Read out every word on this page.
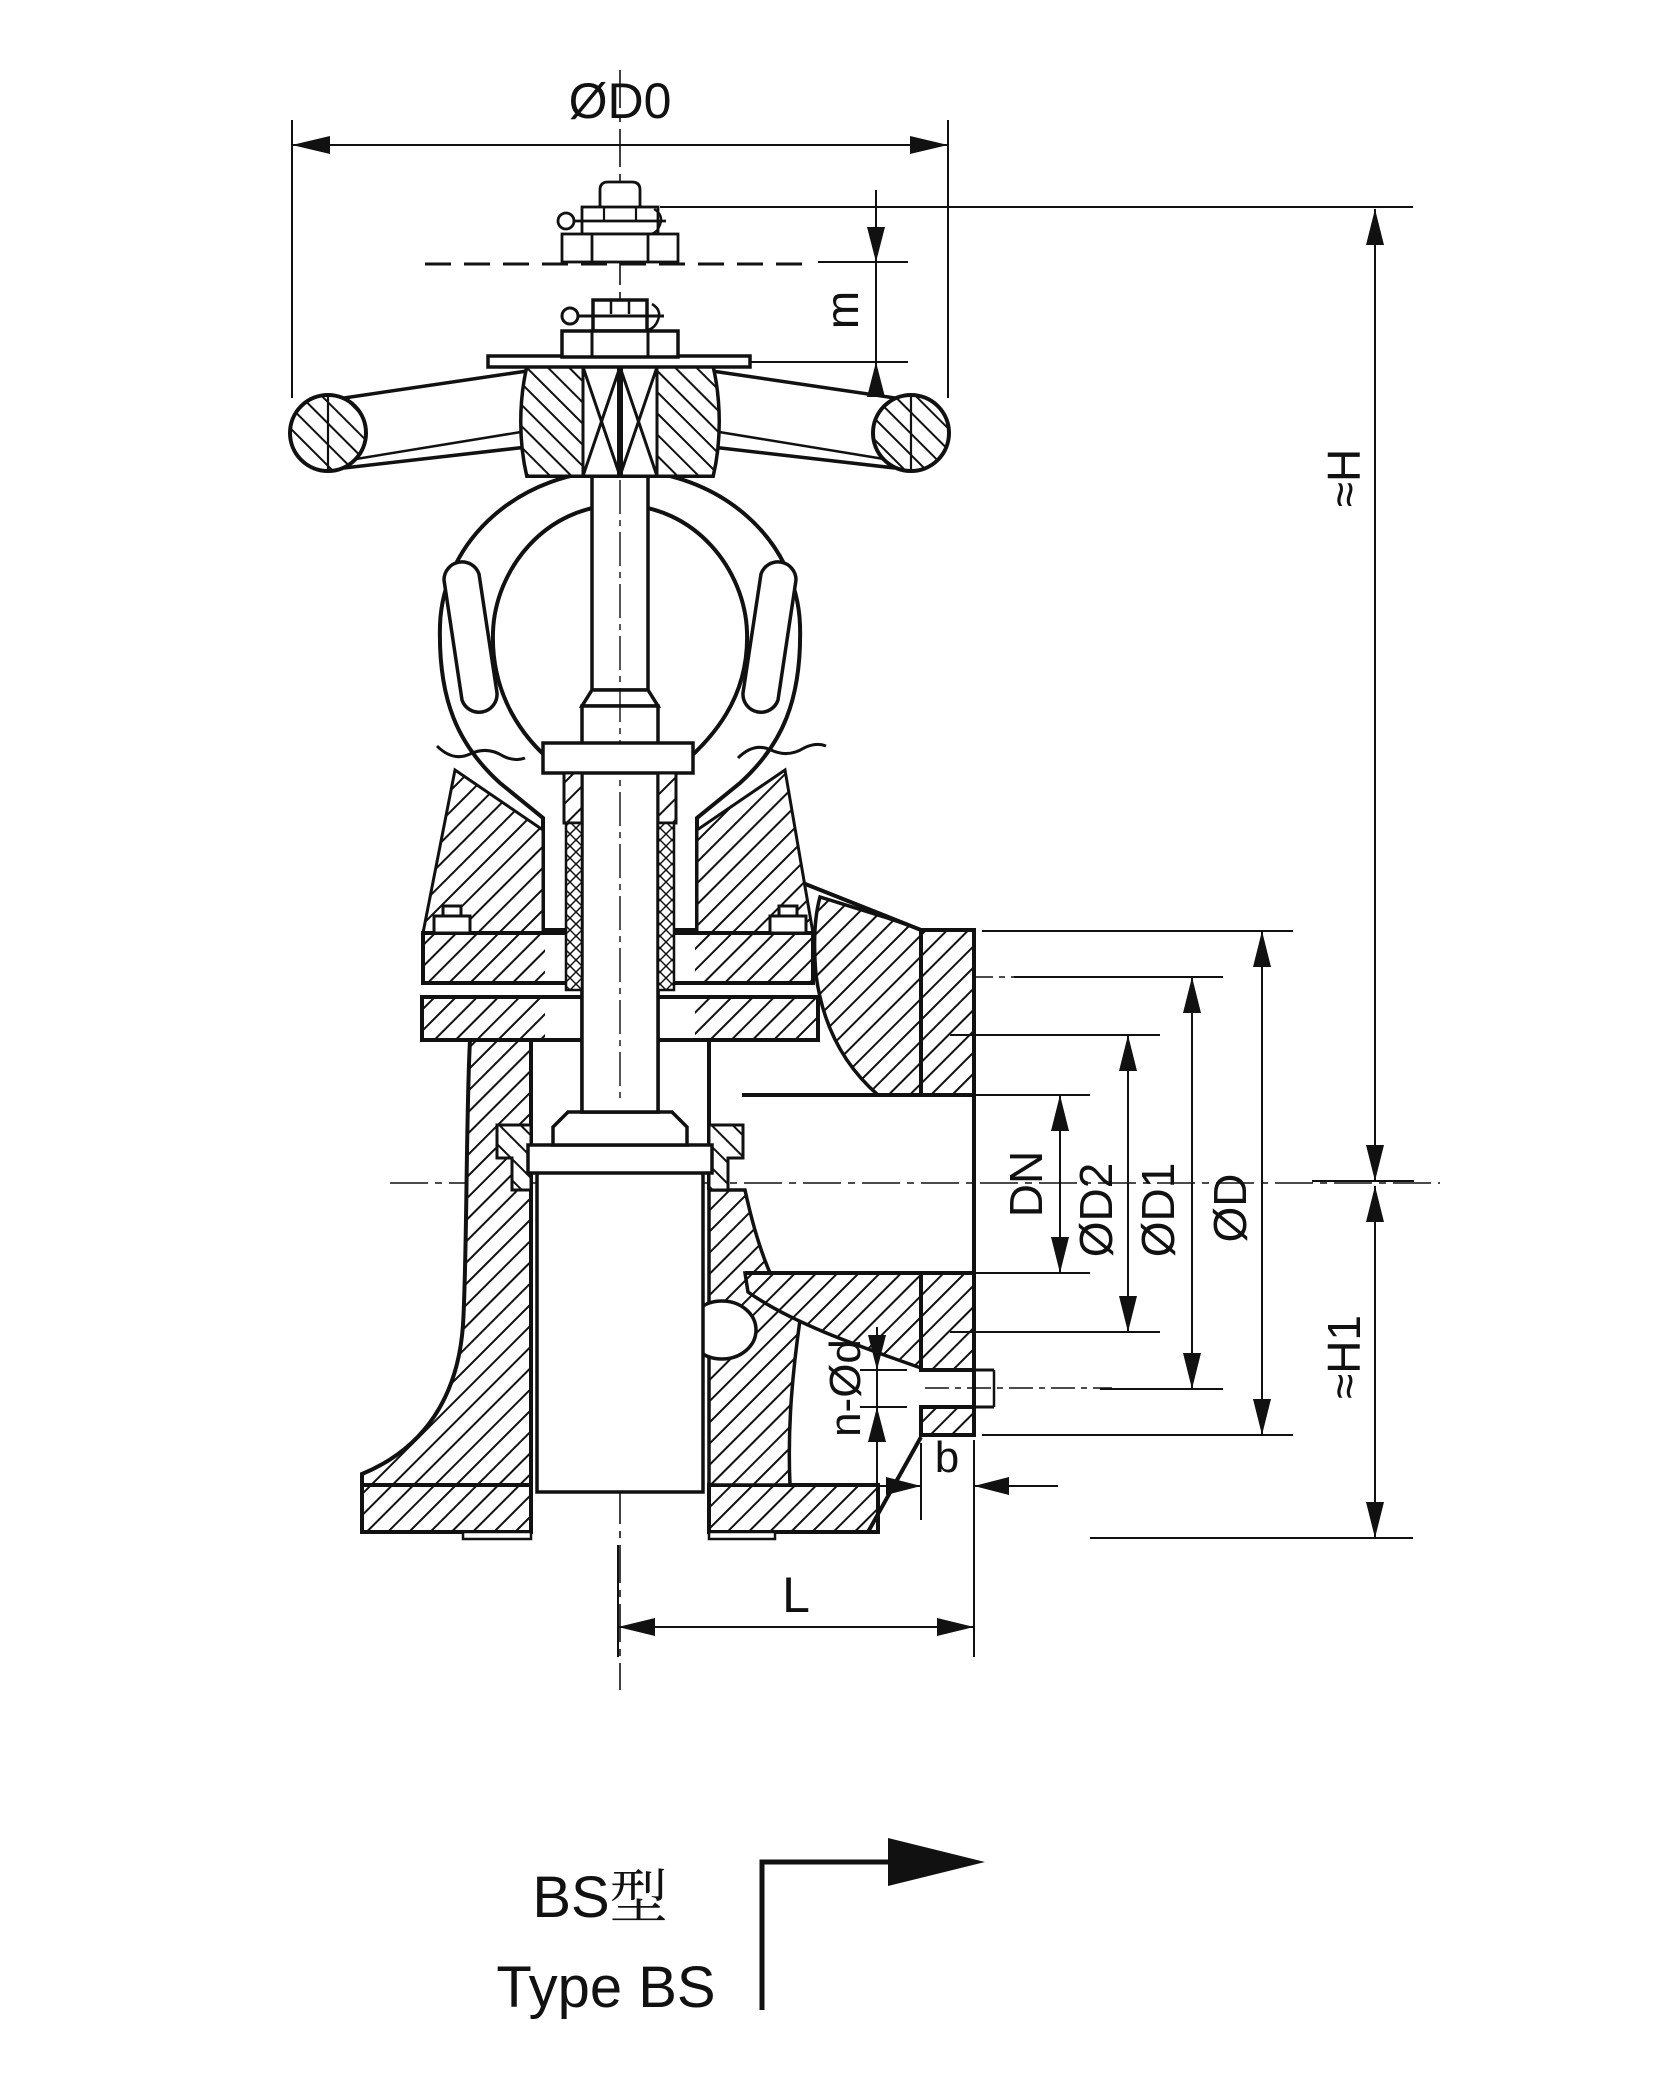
ØD0
m
≈H
≈H1
DN ØD2 ØD1 ØD
n-Ød
b
L
BS型
Type BS
